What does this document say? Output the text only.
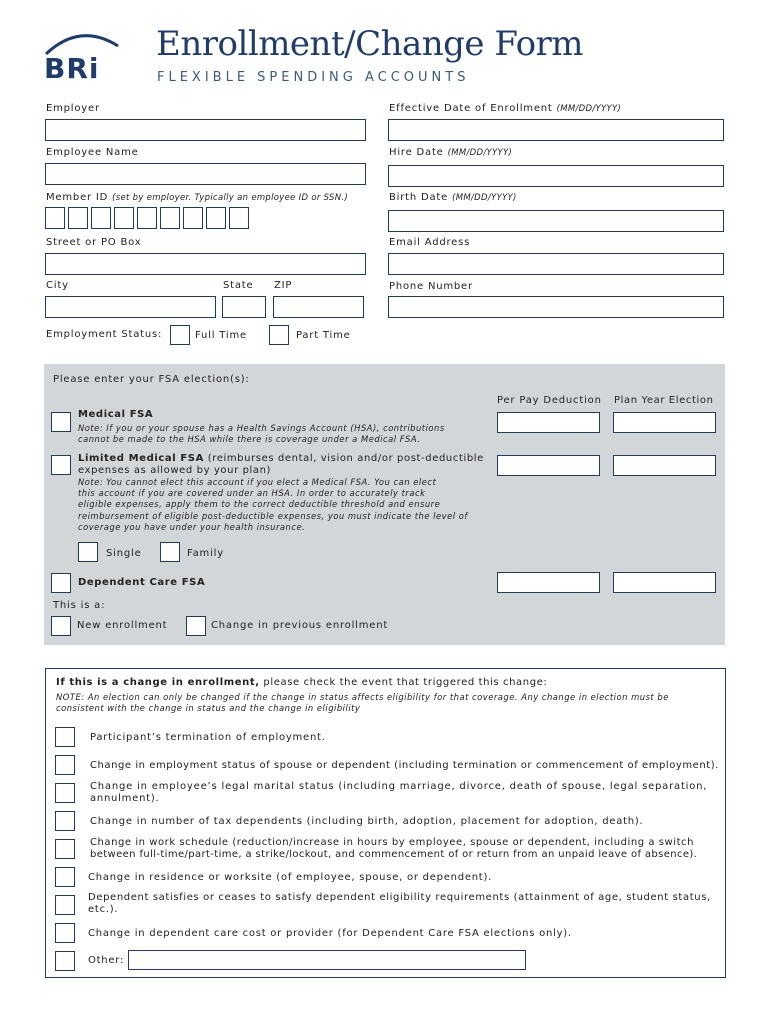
BRi
Enrollment/Change Form
FLEXIBLE SPENDING ACCOUNTS
Employer	Effective Date of Enrollment (MM/DD/YYYY)
Employee Name	Hire Date (MM/DD/YYYY)
Member ID (set by employer. Typically an employee ID or SSN.)	Birth Date (MM/DD/YYYY)
Street or PO Box	Email Address
City	State ZIP	Phone Number
Employment Status:	Full Time	Part Time
Please enter your FSA election(s):
Per Pay Deduction Plan Year Election
Medical FSA
Note: If you or your spouse has a Health Savings Account (HSA), contributions
cannot be made to the HSA while there is coverage under a Medical FSA.
Limited Medical FSA (reimburses dental, vision and/or post-deductible
expenses as allowed by your plan)
Note: You cannot elect this account if you elect a Medical FSA. You can elect
this account if you are covered under an HSA. In order to accurately track
eligible expenses, apply them to the correct deductible threshold and ensure
reimbursement of eligible post-deductible expenses, you must indicate the level of
coverage you have under your health insurance.
Single	Family
Dependent Care FSA
This is a:
New enrollment	Change in previous enrollment
If this is a change in enrollment, please check the event that triggered this change:
NOTE: An election can only be changed if the change in status affects eligibility for that coverage. Any change in election must be
consistent with the change in status and the change in eligibility
Participant’s termination of employment.
Change in employment status of spouse or dependent (including termination or commencement of employment).
Change in employee’s legal marital status (including marriage, divorce, death of spouse, legal separation,
annulment).
Change in number of tax dependents (including birth, adoption, placement for adoption, death).
Change in work schedule (reduction/increase in hours by employee, spouse or dependent, including a switch
between full-time/part-time, a strike/lockout, and commencement of or return from an unpaid leave of absence).
Change in residence or worksite (of employee, spouse, or dependent).
Dependent satisfies or ceases to satisfy dependent eligibility requirements (attainment of age, student status,
etc.).
Change in dependent care cost or provider (for Dependent Care FSA elections only).
Other:
